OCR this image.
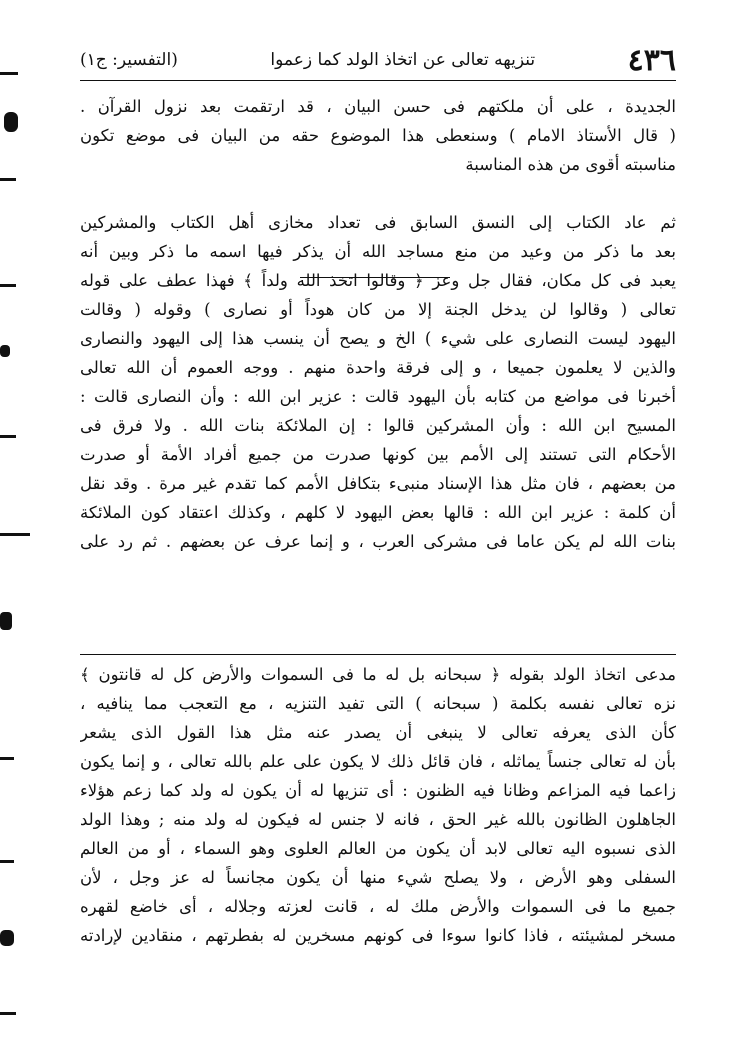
٤٣٦
تنزيهه تعالى عن اتخاذ الولد كما زعموا
(التفسير: ج١)
الجديدة ، على أن ملكتهم فى حسن البيان ، قد ارتقمت بعد نزول القرآن .
( قال الأستاذ الامام ) وسنعطى هذا الموضوع حقه من البيان فى موضع تكون
مناسبته أقوى من هذه المناسبة
ثم عاد الكتاب إلى النسق السابق فى تعداد مخازى أهل الكتاب والمشركين
بعد ما ذكر من وعيد من منع مساجد الله أن يذكر فيها اسمه ما ذكر وبين أنه
يعبد فى كل مكان، فقال جل وعز ﴿ وقالوا اتخذ الله ولداً ﴾ فهذا عطف على قوله
تعالى ( وقالوا لن يدخل الجنة إلا من كان هوداً أو نصارى ) وقوله ( وقالت
اليهود ليست النصارى على شيء ) الخ و يصح أن ينسب هذا إلى اليهود والنصارى
والذين لا يعلمون جميعا ، و إلى فرقة واحدة منهم . ووجه العموم أن الله تعالى
أخبرنا فى مواضع من كتابه بأن اليهود قالت : عزير ابن الله : وأن النصارى قالت :
المسيح ابن الله : وأن المشركين قالوا : إن الملائكة بنات الله . ولا فرق فى
الأحكام التى تستند إلى الأمم بين كونها صدرت من جميع أفراد الأمة أو صدرت
من بعضهم ، فان مثل هذا الإسناد منبىء بتكافل الأمم كما تقدم غير مرة . وقد نقل
أن كلمة : عزير ابن الله : قالها بعض اليهود لا كلهم ، وكذلك اعتقاد كون الملائكة
بنات الله لم يكن عاما فى مشركى العرب ، و إنما عرف عن بعضهم . ثم رد على
مدعى اتخاذ الولد بقوله ﴿ سبحانه بل له ما فى السموات والأرض كل له قانتون ﴾
نزه تعالى نفسه بكلمة ( سبحانه ) التى تفيد التنزيه ، مع التعجب مما ينافيه ،
كأن الذى يعرفه تعالى لا ينبغى أن يصدر عنه مثل هذا القول الذى يشعر
بأن له تعالى جنساً يماثله ، فان قائل ذلك لا يكون على علم بالله تعالى ، و إنما يكون
زاعما فيه المزاعم وظانا فيه الظنون : أى تنزيها له أن يكون له ولد كما زعم هؤلاء
الجاهلون الظانون بالله غير الحق ، فانه لا جنس له فيكون له ولد منه ; وهذا الولد
الذى نسبوه اليه تعالى لابد أن يكون من العالم العلوى وهو السماء ، أو من العالم
السفلى وهو الأرض ، ولا يصلح شيء منها أن يكون مجانساً له عز وجل ، لأن
جميع ما فى السموات والأرض ملك له ، قانت لعزته وجلاله ، أى خاضع لقهره
مسخر لمشيئته ، فاذا كانوا سوءا فى كونهم مسخرين له بفطرتهم ، منقادين لإرادته
